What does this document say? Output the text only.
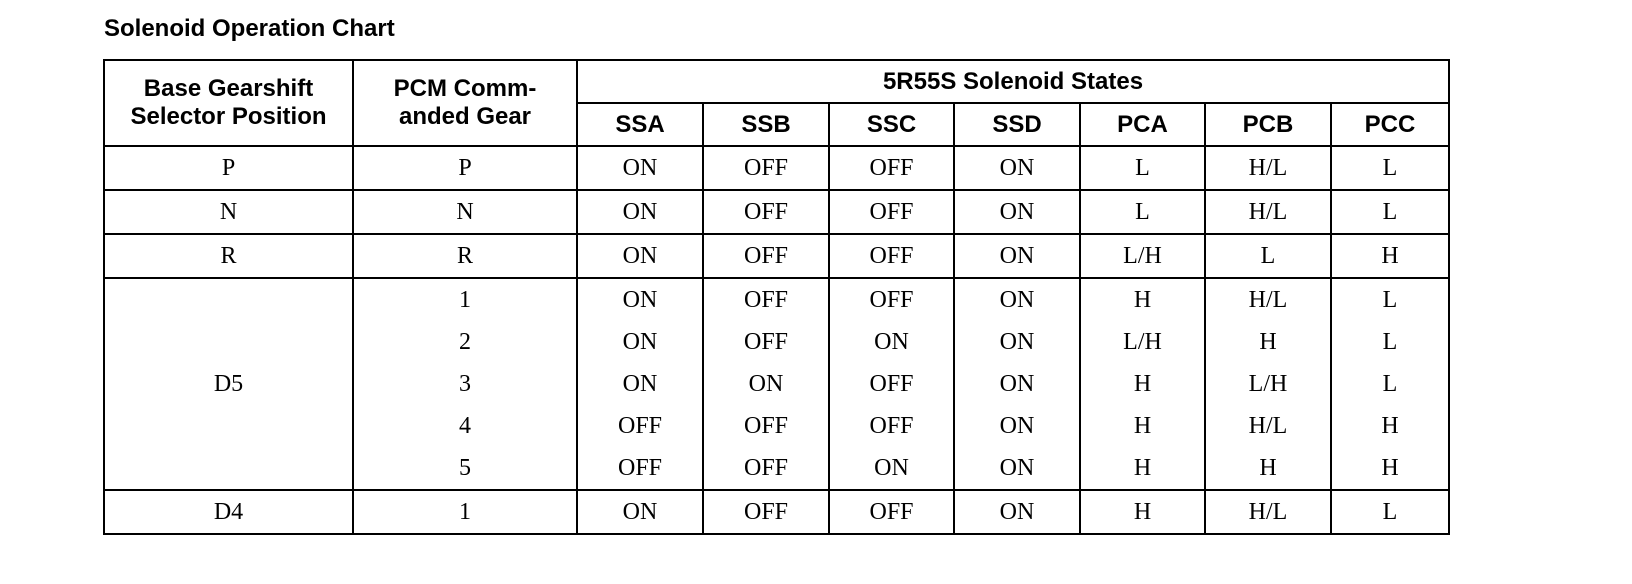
Solenoid Operation Chart
Base Gearshift
Selector Position	PCM Comm-
anded Gear	5R55S Solenoid States						
		SSA	SSB	SSC	SSD	PCA	PCB	PCC
P	P	ON	OFF	OFF	ON	L	H/L	L
N	N	ON	OFF	OFF	ON	L	H/L	L
R	R	ON	OFF	OFF	ON	L/H	L	H
D5	1	ON	OFF	OFF	ON	H	H/L	L
	2	ON	OFF	ON	ON	L/H	H	L
	3	ON	ON	OFF	ON	H	L/H	L
	4	OFF	OFF	OFF	ON	H	H/L	H
	5	OFF	OFF	ON	ON	H	H	H
D4	1	ON	OFF	OFF	ON	H	H/L	L
